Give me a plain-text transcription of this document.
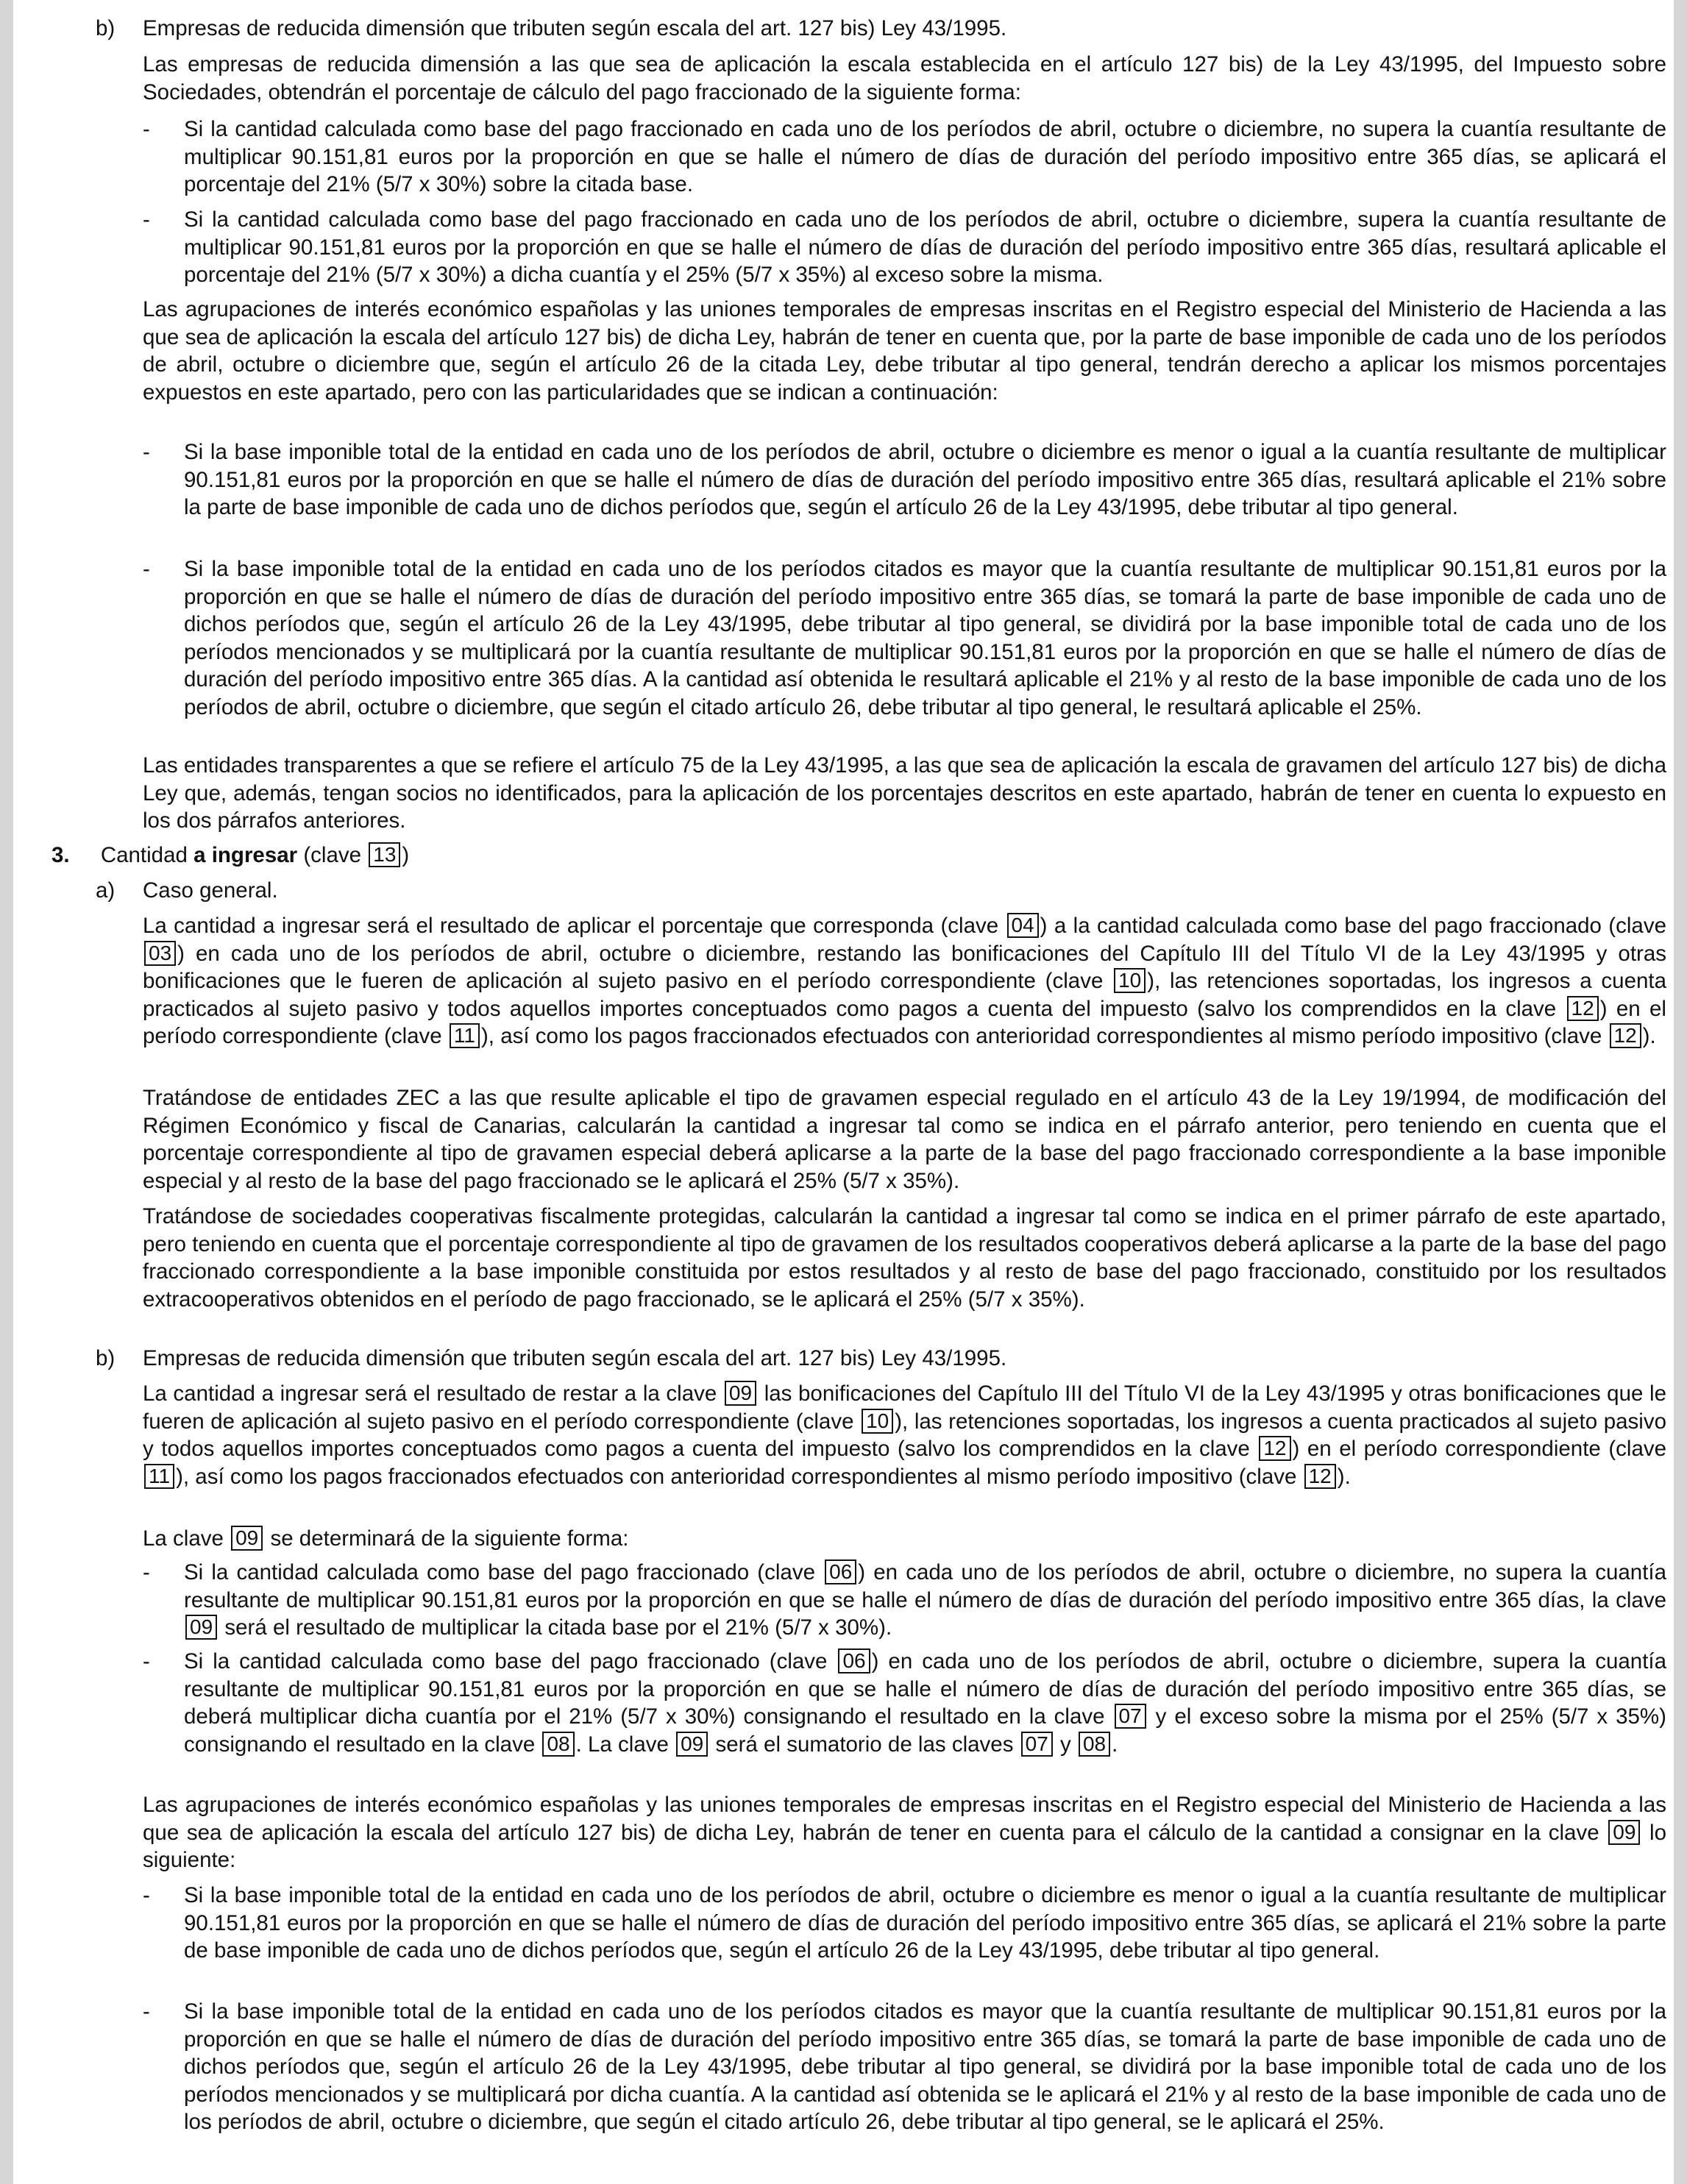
b) Empresas de reducida dimensión que tributen según escala del art. 127 bis) Ley 43/1995.
Las empresas de reducida dimensión a las que sea de aplicación la escala establecida en el artículo 127 bis) de la Ley 43/1995, del Impuesto sobre Sociedades, obtendrán el porcentaje de cálculo del pago fraccionado de la siguiente forma:
- Si la cantidad calculada como base del pago fraccionado en cada uno de los períodos de abril, octubre o diciembre, no supera la cuantía resultante de multiplicar 90.151,81 euros por la proporción en que se halle el número de días de duración del período impositivo entre 365 días, se aplicará el porcentaje del 21% (5/7 x 30%) sobre la citada base.
- Si la cantidad calculada como base del pago fraccionado en cada uno de los períodos de abril, octubre o diciembre, supera la cuantía resultante de multiplicar 90.151,81 euros por la proporción en que se halle el número de días de duración del período impositivo entre 365 días, resultará aplicable el porcentaje del 21% (5/7 x 30%) a dicha cuantía y el 25% (5/7 x 35%) al exceso sobre la misma.
Las agrupaciones de interés económico españolas y las uniones temporales de empresas inscritas en el Registro especial del Ministerio de Hacienda a las que sea de aplicación la escala del artículo 127 bis) de dicha Ley, habrán de tener en cuenta que, por la parte de base imponible de cada uno de los períodos de abril, octubre o diciembre que, según el artículo 26 de la citada Ley, debe tributar al tipo general, tendrán derecho a aplicar los mismos porcentajes expuestos en este apartado, pero con las particularidades que se indican a continuación:
- Si la base imponible total de la entidad en cada uno de los períodos de abril, octubre o diciembre es menor o igual a la cuantía resultante de multiplicar 90.151,81 euros por la proporción en que se halle el número de días de duración del período impositivo entre 365 días, resultará aplicable el 21% sobre la parte de base imponible de cada uno de dichos períodos que, según el artículo 26 de la Ley 43/1995, debe tributar al tipo general.
- Si la base imponible total de la entidad en cada uno de los períodos citados es mayor que la cuantía resultante de multiplicar 90.151,81 euros por la proporción en que se halle el número de días de duración del período impositivo entre 365 días, se tomará la parte de base imponible de cada uno de dichos períodos que, según el artículo 26 de la Ley 43/1995, debe tributar al tipo general, se dividirá por la base imponible total de cada uno de los períodos mencionados y se multiplicará por la cuantía resultante de multiplicar 90.151,81 euros por la proporción en que se halle el número de días de duración del período impositivo entre 365 días. A la cantidad así obtenida le resultará aplicable el 21% y al resto de la base imponible de cada uno de los períodos de abril, octubre o diciembre, que según el citado artículo 26, debe tributar al tipo general, le resultará aplicable el 25%.
Las entidades transparentes a que se refiere el artículo 75 de la Ley 43/1995, a las que sea de aplicación la escala de gravamen del artículo 127 bis) de dicha Ley que, además, tengan socios no identificados, para la aplicación de los porcentajes descritos en este apartado, habrán de tener en cuenta lo expuesto en los dos párrafos anteriores.
3. Cantidad a ingresar (clave 13 )
a) Caso general.
La cantidad a ingresar será el resultado de aplicar el porcentaje que corresponda (clave 04 ) a la cantidad calculada como base del pago fraccionado (clave 03 ) en cada uno de los períodos de abril, octubre o diciembre, restando las bonificaciones del Capítulo III del Título VI de la Ley 43/1995 y otras bonificaciones que le fueren de aplicación al sujeto pasivo en el período correspondiente (clave 10 ), las retenciones soportadas, los ingresos a cuenta practicados al sujeto pasivo y todos aquellos importes conceptuados como pagos a cuenta del impuesto (salvo los comprendidos en la clave 12 ) en el período correspondiente (clave 11 ), así como los pagos fraccionados efectuados con anterioridad correspondientes al mismo período impositivo (clave 12 ).
Tratándose de entidades ZEC a las que resulte aplicable el tipo de gravamen especial regulado en el artículo 43 de la Ley 19/1994, de modificación del Régimen Económico y fiscal de Canarias, calcularán la cantidad a ingresar tal como se indica en el párrafo anterior, pero teniendo en cuenta que el porcentaje correspondiente al tipo de gravamen especial deberá aplicarse a la parte de la base del pago fraccionado correspondiente a la base imponible especial y al resto de la base del pago fraccionado se le aplicará el 25% (5/7 x 35%).
Tratándose de sociedades cooperativas fiscalmente protegidas, calcularán la cantidad a ingresar tal como se indica en el primer párrafo de este apartado, pero teniendo en cuenta que el porcentaje correspondiente al tipo de gravamen de los resultados cooperativos deberá aplicarse a la parte de la base del pago fraccionado correspondiente a la base imponible constituida por estos resultados y al resto de base del pago fraccionado, constituido por los resultados extracooperativos obtenidos en el período de pago fraccionado, se le aplicará el 25% (5/7 x 35%).
b) Empresas de reducida dimensión que tributen según escala del art. 127 bis) Ley 43/1995.
La cantidad a ingresar será el resultado de restar a la clave 09 las bonificaciones del Capítulo III del Título VI de la Ley 43/1995 y otras bonificaciones que le fueren de aplicación al sujeto pasivo en el período correspondiente (clave 10 ), las retenciones soportadas, los ingresos a cuenta practicados al sujeto pasivo y todos aquellos importes conceptuados como pagos a cuenta del impuesto (salvo los comprendidos en la clave 12 ) en el período correspondiente (clave 11 ), así como los pagos fraccionados efectuados con anterioridad correspondientes al mismo período impositivo (clave 12 ).
La clave 09 se determinará de la siguiente forma:
- Si la cantidad calculada como base del pago fraccionado (clave 06 ) en cada uno de los períodos de abril, octubre o diciembre, no supera la cuantía resultante de multiplicar 90.151,81 euros por la proporción en que se halle el número de días de duración del período impositivo entre 365 días, la clave 09 será el resultado de multiplicar la citada base por el 21% (5/7 x 30%).
- Si la cantidad calculada como base del pago fraccionado (clave 06 ) en cada uno de los períodos de abril, octubre o diciembre, supera la cuantía resultante de multiplicar 90.151,81 euros por la proporción en que se halle el número de días de duración del período impositivo entre 365 días, se deberá multiplicar dicha cuantía por el 21% (5/7 x 30%) consignando el resultado en la clave 07 y el exceso sobre la misma por el 25% (5/7 x 35%) consignando el resultado en la clave 08 . La clave 09 será el sumatorio de las claves 07 y 08 .
Las agrupaciones de interés económico españolas y las uniones temporales de empresas inscritas en el Registro especial del Ministerio de Hacienda a las que sea de aplicación la escala del artículo 127 bis) de dicha Ley, habrán de tener en cuenta para el cálculo de la cantidad a consignar en la clave 09 lo siguiente:
- Si la base imponible total de la entidad en cada uno de los períodos de abril, octubre o diciembre es menor o igual a la cuantía resultante de multiplicar 90.151,81 euros por la proporción en que se halle el número de días de duración del período impositivo entre 365 días, se aplicará el 21% sobre la parte de base imponible de cada uno de dichos períodos que, según el artículo 26 de la Ley 43/1995, debe tributar al tipo general.
- Si la base imponible total de la entidad en cada uno de los períodos citados es mayor que la cuantía resultante de multiplicar 90.151,81 euros por la proporción en que se halle el número de días de duración del período impositivo entre 365 días, se tomará la parte de base imponible de cada uno de dichos períodos que, según el artículo 26 de la Ley 43/1995, debe tributar al tipo general, se dividirá por la base imponible total de cada uno de los períodos mencionados y se multiplicará por dicha cuantía. A la cantidad así obtenida se le aplicará el 21% y al resto de la base imponible de cada uno de los períodos de abril, octubre o diciembre, que según el citado artículo 26, debe tributar al tipo general, se le aplicará el 25%.
